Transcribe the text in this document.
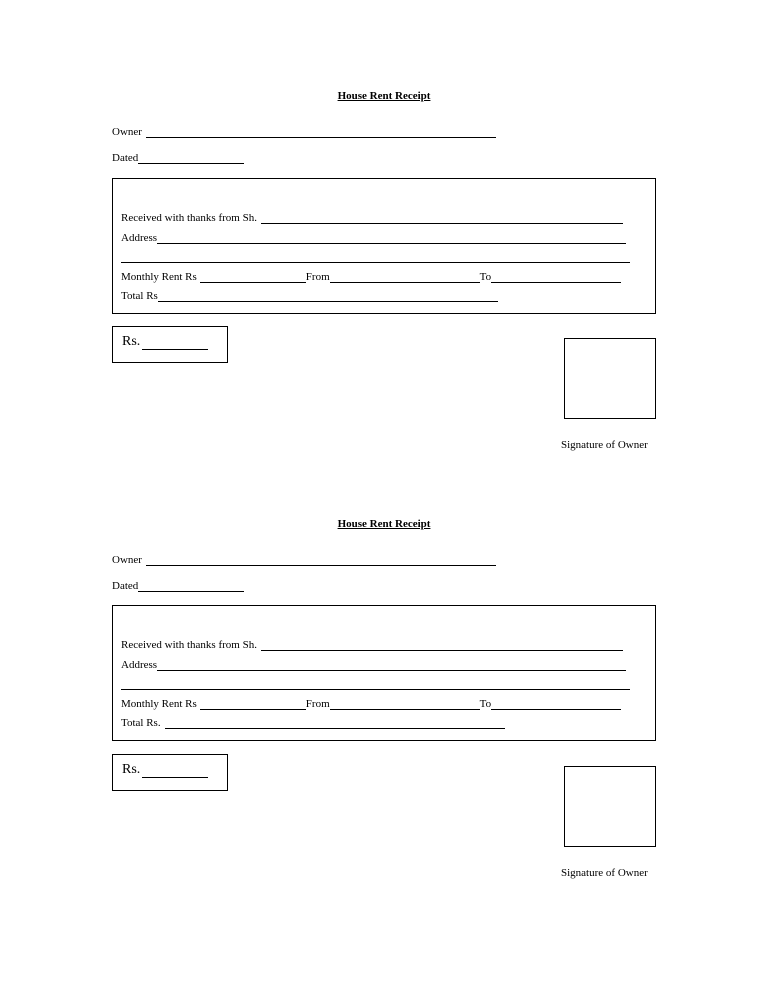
House Rent Receipt
Owner
Dated
Received with thanks from Sh.
Address
Monthly Rent Rs	From	To
Total Rs
Rs.
Signature of Owner
House Rent Receipt
Owner
Dated
Received with thanks from Sh.
Address
Monthly Rent Rs	From	To
Total Rs.
Rs.
Signature of Owner
